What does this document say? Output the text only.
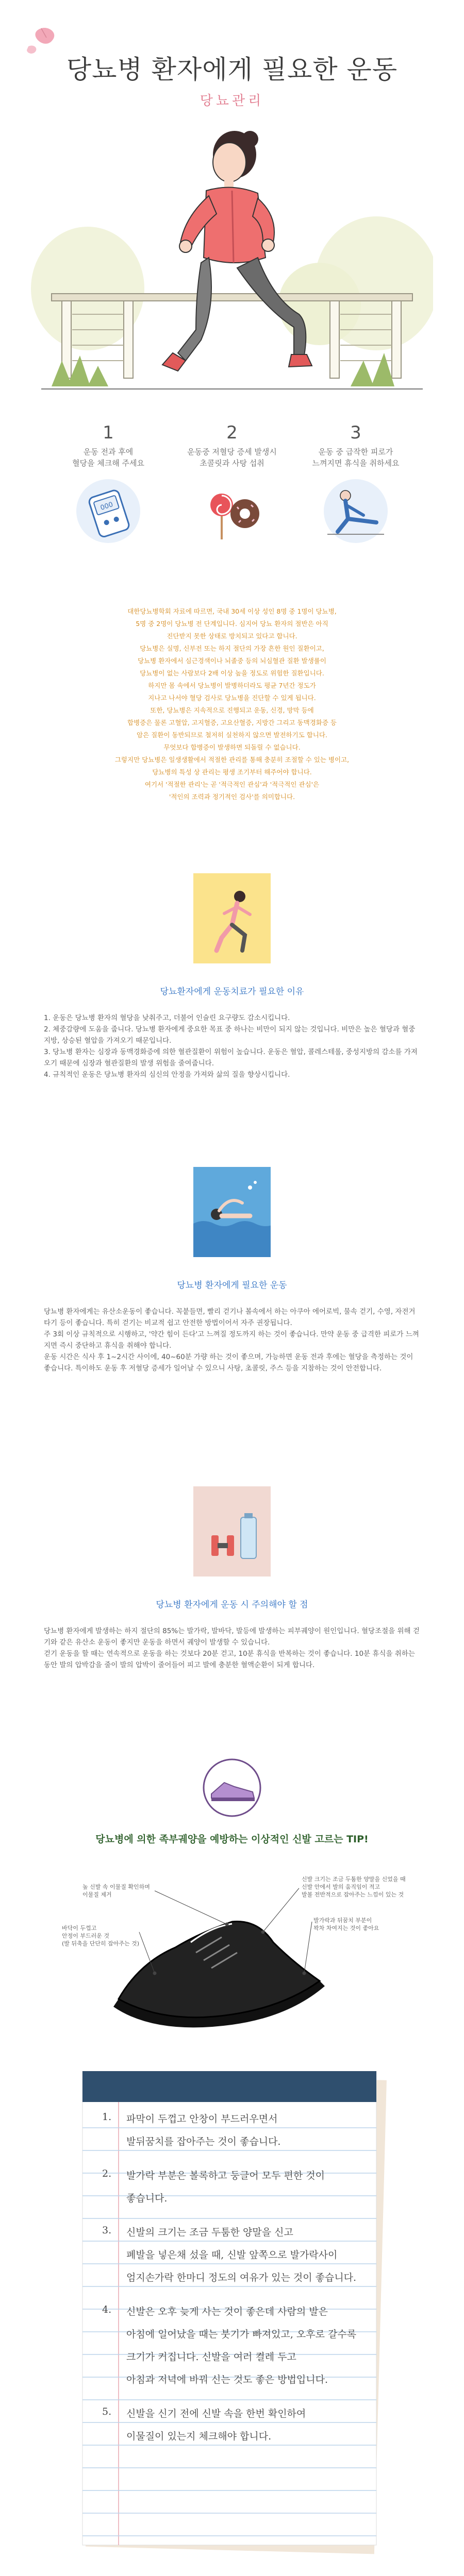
당뇨병 환자에게 필요한 운동
당뇨관리
1
운동 전과 후에
혈당을 체크해 주세요
000
2
운동중 저혈당 증세 발생시
초콜릿과 사탕 섭취
3
운동 중 급작한 피로가
느껴지면 휴식을 취하세요

대한당뇨병학회 자료에 따르면, 국내 30세 이상 성인 8명 중 1명이 당뇨병,

5명 중 2명이 당뇨병 전 단계입니다. 심지어 당뇨 환자의 절반은 아직

진단받지 못한 상태로 방치되고 있다고 합니다.

당뇨병은 실명, 신부전 또는 하지 절단의 가장 흔한 원인 질환이고,

당뇨병 환자에서 심근경색이나 뇌졸중 등의 뇌심혈관 질환 발생률이

당뇨병이 없는 사람보다 2배 이상 높을 정도로 위험한 질환입니다.

하지만 몸 속에서 당뇨병이 발병하더라도 평균 7년간 정도가

지나고 나서야 혈당 검사로 당뇨병을 진단할 수 있게 됩니다.

또한, 당뇨병은 지속적으로 진행되고 운동, 신경, 망막 등에

합병증은 물론 고혈압, 고지혈증, 고요산혈증, 지방간 그리고 동맥경화증 등

암은 질환이 동반되므로 철저히 실천하지 않으면 발전하기도 합니다.

무엇보다 합병증이 발생하면 되돌릴 수 없습니다.

그렇지만 당뇨병은 일생생활에서 적절한 관리를 통해 충분히 조절할 수 있는 병이고,

당뇨병의 특성 상 관리는 평생 조기부터 해주어야 합니다.

여기서 '적절한 관리'는 곧 '적극적인 관심'과 '적극적인 관심'은

'적인의 조력과 정기적인 검사'를 의미합니다.

당뇨환자에게 운동치료가 필요한 이유

1. 운동은 당뇨병 환자의 혈당을 낮춰주고, 더불어 인슐린 요구량도 감소시킵니다.

2. 체중감량에 도움을 줍니다. 당뇨병 환자에게 중요한 목표 중 하나는 비만이 되지 않는 것입니다. 비만은 높은 혈당과 혈중 지방, 상승된 혈압을 가져오기 때문입니다.

3. 당뇨병 환자는 심장과 동맥경화증에 의한 혈관질환이 위험이 높습니다. 운동은 혈압, 콜레스테롤, 중성지방의 감소를 가져오기 때문에 심장과 혈관질환의 발생 위험을 줄여줍니다.

4. 규칙적인 운동은 당뇨병 환자의 심신의 안정을 가져와 삶의 질을 향상시킵니다.

당뇨병 환자에게 필요한 운동

당뇨병 환자에게는 유산소운동이 좋습니다. 꼭붙들면, 빨리 걷기나 볼속에서 하는 아쿠아 에어로빅, 물속 걷기, 수영, 자전거 타기 등이 좋습니다. 특히 걷기는 비교적 쉽고 안전한 방법이어서 자주 권장됩니다.

주 3회 이상 규칙적으로 시행하고, '약간 힘이 든다'고 느껴질 정도까지 하는 것이 좋습니다. 만약 운동 중 급격한 피로가 느껴지면 즉시 중단하고 휴식을 취해야 합니다.

운동 시간은 식사 후 1~2시간 사이에, 40~60분 가량 하는 것이 좋으며, 가능하면 운동 전과 후에는 혈당을 측정하는 것이 좋습니다. 특이하도 운동 후 저혈당 증세가 일어날 수 있으니 사탕, 초콜릿, 주스 등을 지참하는 것이 안전합니다.

당뇨병 환자에게 운동 시 주의해야 할 점

당뇨병 환자에게 발생하는 하지 절단의 85%는 발가락, 발바닥, 발등에 발생하는 피부궤양이 원인입니다. 혈당조절을 위해 걷기와 같은 유산소 운동이 좋지만 운동을 하면서 궤양이 발생할 수 있습니다.

걷기 운동을 할 때는 연속적으로 운동을 하는 것보다 20분 걷고, 10분 휴식을 반복하는 것이 좋습니다. 10분 휴식을 취하는 동안 발의 압박감을 줄이 발의 압박이 줄어들어 피고 발에 충분한 혈액순환이 되게 합니다.

당뇨병에 의한 족부궤양을 예방하는 이상적인 신발 고르는 TIP!
높 신발 속 이물질 확인하며
이물질 제거
바닥이 두껍고
안정이 부드러운 것
(발 뒤축을 단단히 잡아주는 것)
신발 크기는 조금 두툼한 양말을 신었을 때
신발 안에서 발의 움직임이 적고
발볼 전반적으로 잡아주는 느낌이 있는 것
발가락과 뒤꿈치 부분이
꽉차 차여지는 것이 좋아요
1. 파막이 두껍고 안창이 부드러우면서
발뒤꿈치를 잡아주는 것이 좋습니다.
2. 발가락 부분은 볼록하고 둥글어 모두 편한 것이
좋습니다.
3. 신발의 크기는 조금 두툼한 양말을 신고
폐발을 넣은채 섰을 때, 신발 앞쪽으로 발가락사이
엄지손가락 한마디 정도의 여유가 있는 것이 좋습니다.
4. 신발은 오후 늦게 사는 것이 좋은데 사람의 발은
아침에 일어났을 때는 붓기가 빠져있고, 오후로 갈수록
크기가 커집니다. 신발을 여러 켤레 두고
아침과 저녁에 바꿔 신는 것도 좋은 방법입니다.
5. 신발을 신기 전에 신발 속을 한번 확인하여
이물질이 있는지 체크해야 합니다.
